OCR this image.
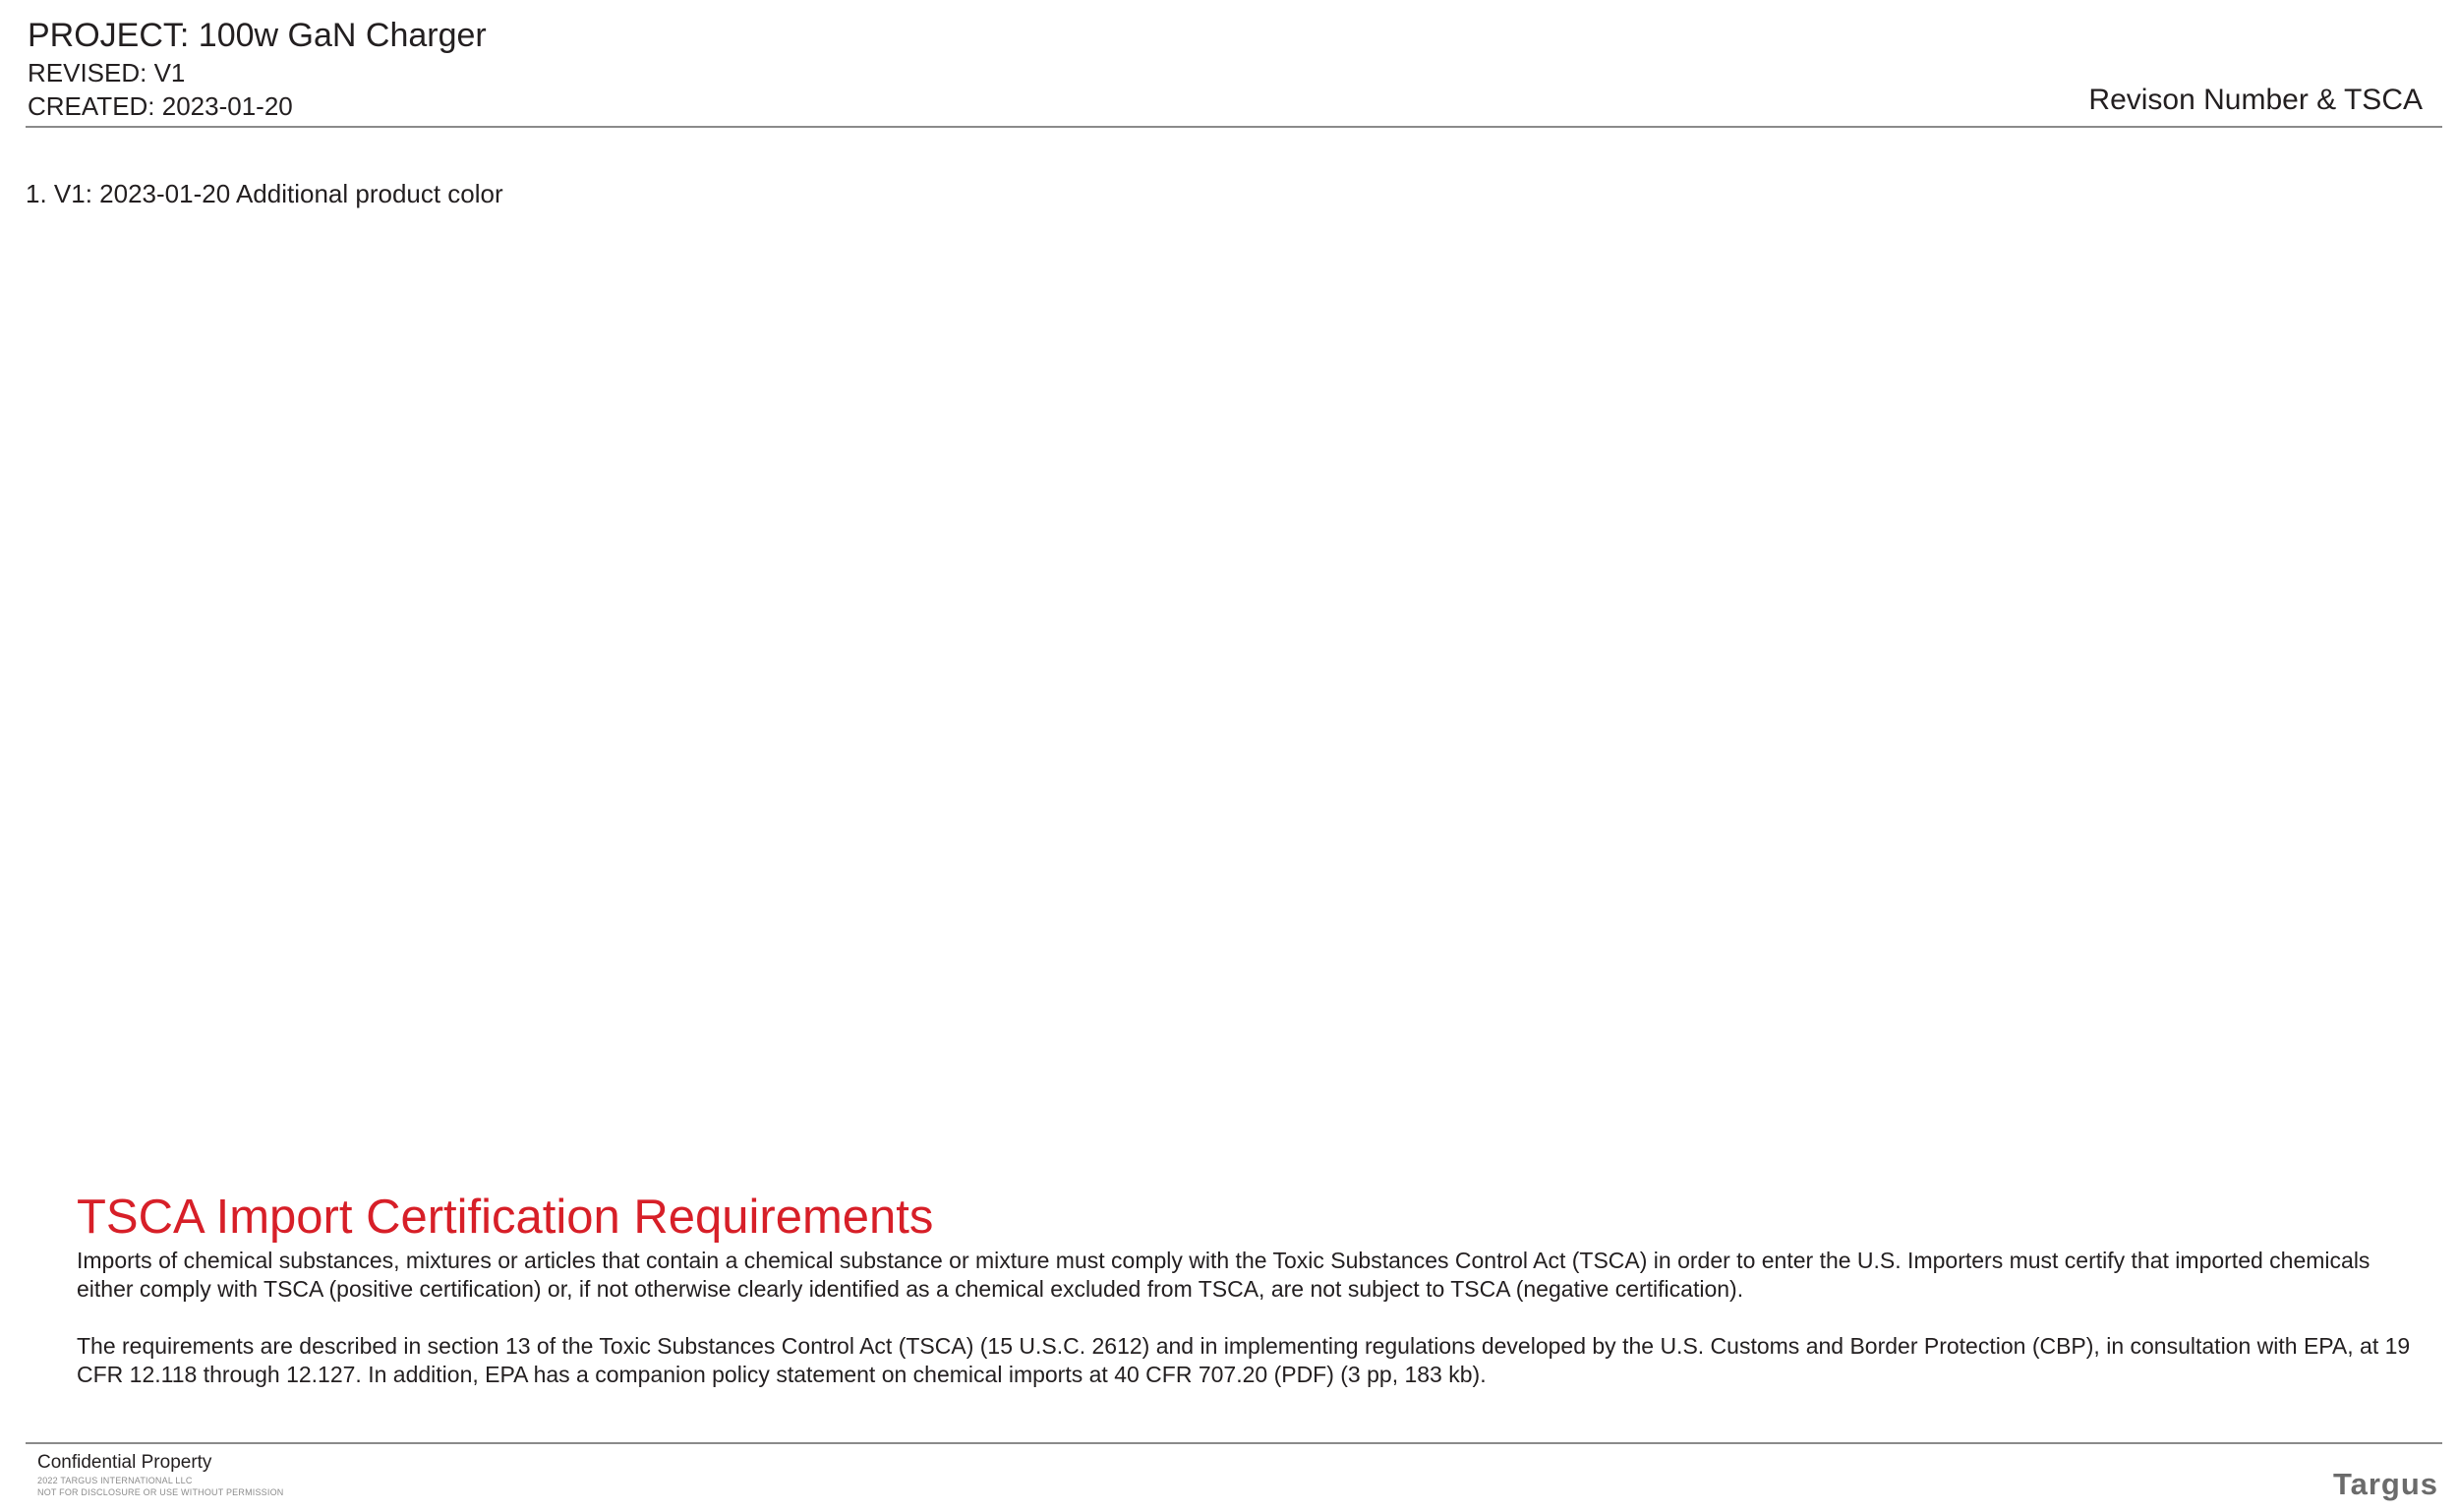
PROJECT: 100w GaN Charger
REVISED: V1
CREATED: 2023-01-20	Revison Number & TSCA
1. V1: 2023-01-20 Additional product color
TSCA Import Certification Requirements

Imports of chemical substances, mixtures or articles that contain a chemical substance or mixture must comply with the Toxic Substances Control Act (TSCA) in order to enter the U.S. Importers must certify that imported chemicals either comply with TSCA (positive certification) or, if not otherwise clearly identified as a chemical excluded from TSCA, are not subject to TSCA (negative certification).

The requirements are described in section 13 of the Toxic Substances Control Act (TSCA) (15 U.S.C. 2612) and in implementing regulations developed by the U.S. Customs and Border Protection (CBP), in consultation with EPA, at 19 CFR 12.118 through 12.127. In addition, EPA has a companion policy statement on chemical imports at 40 CFR 707.20 (PDF) (3 pp, 183 kb).

Confidential Property
2022 TARGUS INTERNATIONAL LLC
NOT FOR DISCLOSURE OR USE WITHOUT PERMISSION	Targus
